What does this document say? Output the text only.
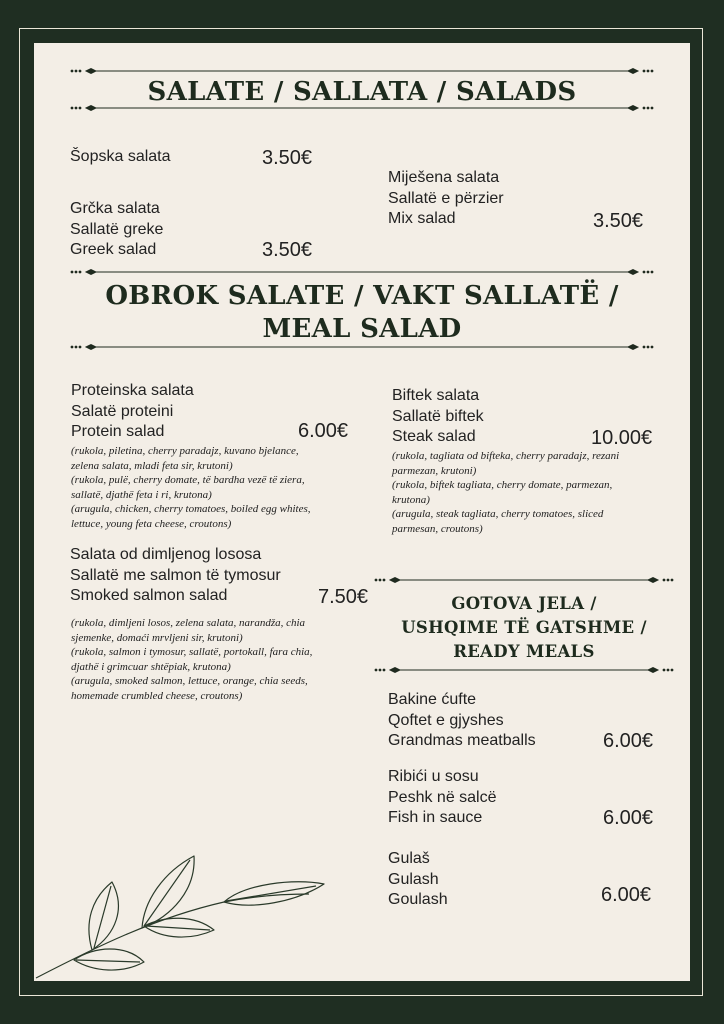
SALATE / SALLATA / SALADS
Šopska salata	3.50€
Grčka salata
Sallatë greke
Greek salad	3.50€
Miješena salata
Sallatë e përzier
Mix salad	3.50€
OBROK SALATE / VAKT SALLATË /
MEAL SALAD
Proteinska salata
Salatë proteini
Protein salad	6.00€
(rukola, piletina, cherry paradajz, kuvano bjelance,
zelena salata, mladi feta sir, krutoni)
(rukola, pulë, cherry domate, të bardha vezë të ziera,
sallatë, djathë feta i ri, krutona)
(arugula, chicken, cherry tomatoes, boiled egg whites,
lettuce, young feta cheese, croutons)
Biftek salata
Sallatë biftek
Steak salad	10.00€
(rukola, tagliata od bifteka, cherry paradajz, rezani
parmezan, krutoni)
(rukola, biftek tagliata, cherry domate, parmezan,
krutona)
(arugula, steak tagliata, cherry tomatoes, sliced
parmesan, croutons)
Salata od dimljenog lososa
Sallatë me salmon të tymosur
Smoked salmon salad	7.50€
(rukola, dimljeni losos, zelena salata, narandža, chia
sjemenke, domaći mrvljeni sir, krutoni)
(rukola, salmon i tymosur, sallatë, portokall, fara chia,
djathë i grimcuar shtëpiak, krutona)
(arugula, smoked salmon, lettuce, orange, chia seeds,
homemade crumbled cheese, croutons)
GOTOVA JELA /
USHQIME TË GATSHME /
READY MEALS
Bakine ćufte
Qoftet e gjyshes
Grandmas meatballs	6.00€
Ribići u sosu
Peshk në salcë
Fish in sauce	6.00€
Gulaš
Gulash
Goulash	6.00€
